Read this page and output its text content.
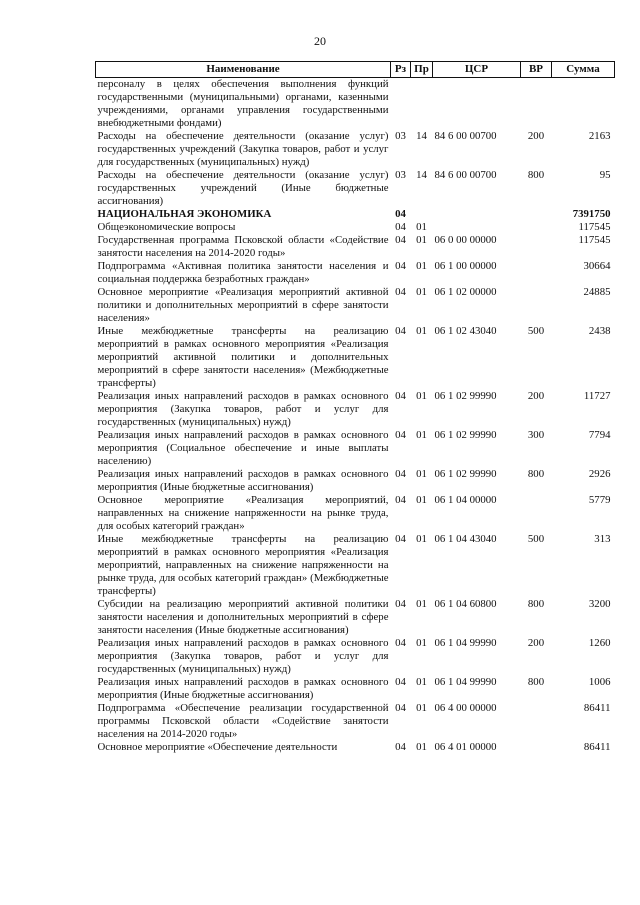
20
Наименование	Рз	Пр	ЦСР	ВР	Сумма
персоналу в целях обеспечения выполнения функций государственными (муниципальными) органами, казенными учреждениями, органами управления государственными внебюджетными фондами)					
Расходы на обеспечение деятельности (оказание услуг) государственных учреждений (Закупка товаров, работ и услуг для государственных (муниципальных) нужд)	03	14	84 6 00 00700	200	2163
Расходы на обеспечение деятельности (оказание услуг) государственных учреждений (Иные бюджетные ассигнования)	03	14	84 6 00 00700	800	95
НАЦИОНАЛЬНАЯ ЭКОНОМИКА	04				7391750
Общеэкономические вопросы	04	01			117545
Государственная программа Псковской области «Содействие занятости населения на 2014-2020 годы»	04	01	06 0 00 00000		117545
Подпрограмма «Активная политика занятости населения и социальная поддержка безработных граждан»	04	01	06 1 00 00000		30664
Основное мероприятие «Реализация мероприятий активной политики и дополнительных мероприятий в сфере занятости населения»	04	01	06 1 02 00000		24885
Иные межбюджетные трансферты на реализацию мероприятий в рамках основного мероприятия «Реализация мероприятий активной политики и дополнительных мероприятий в сфере занятости населения» (Межбюджетные трансферты)	04	01	06 1 02 43040	500	2438
Реализация иных направлений расходов в рамках основного мероприятия (Закупка товаров, работ и услуг для государственных (муниципальных) нужд)	04	01	06 1 02 99990	200	11727
Реализация иных направлений расходов в рамках основного мероприятия (Социальное обеспечение и иные выплаты населению)	04	01	06 1 02 99990	300	7794
Реализация иных направлений расходов в рамках основного мероприятия (Иные бюджетные ассигнования)	04	01	06 1 02 99990	800	2926
Основное мероприятие «Реализация мероприятий, направленных на снижение напряженности на рынке труда, для особых категорий граждан»	04	01	06 1 04 00000		5779
Иные межбюджетные трансферты на реализацию мероприятий в рамках основного мероприятия «Реализация мероприятий, направленных на снижение напряженности на рынке труда, для особых категорий граждан» (Межбюджетные трансферты)	04	01	06 1 04 43040	500	313
Субсидии на реализацию мероприятий активной политики занятости населения и дополнительных мероприятий в сфере занятости населения (Иные бюджетные ассигнования)	04	01	06 1 04 60800	800	3200
Реализация иных направлений расходов в рамках основного мероприятия (Закупка товаров, работ и услуг для государственных (муниципальных) нужд)	04	01	06 1 04 99990	200	1260
Реализация иных направлений расходов в рамках основного мероприятия (Иные бюджетные ассигнования)	04	01	06 1 04 99990	800	1006
Подпрограмма «Обеспечение реализации государственной программы Псковской области «Содействие занятости населения на 2014-2020 годы»	04	01	06 4 00 00000		86411
Основное мероприятие «Обеспечение деятельности	04	01	06 4 01 00000		86411
